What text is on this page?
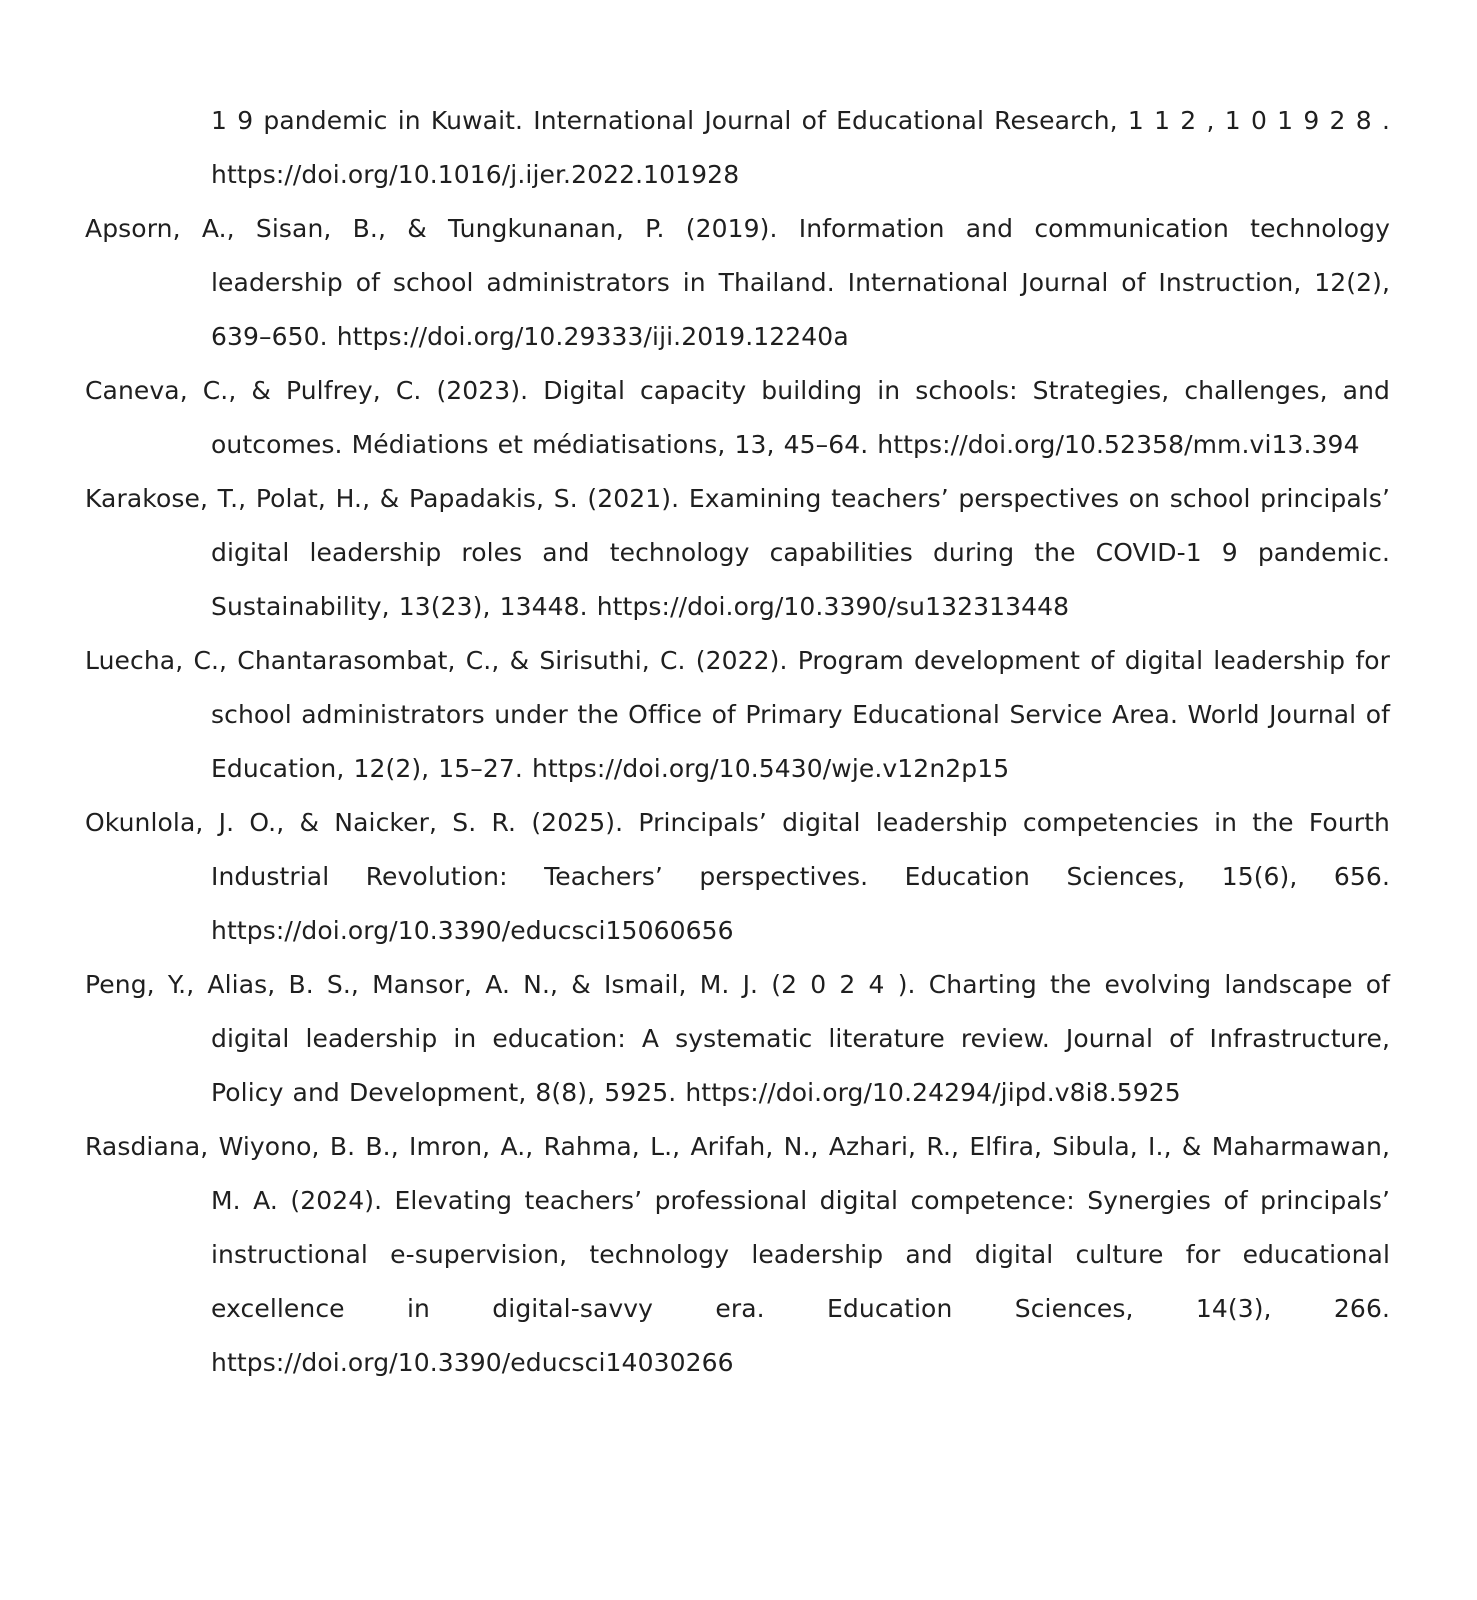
1 9 pandemic in Kuwait. International Journal of Educational Research, 1 1 2 , 1 0 1 9 2 8 . https://doi.org/10.1016/j.ijer.2022.101928

Apsorn, A., Sisan, B., & Tungkunanan, P. (2019). Information and communication technology leadership of school administrators in Thailand. International Journal of Instruction, 12(2), 639–650. https://doi.org/10.29333/iji.2019.12240a

Caneva, C., & Pulfrey, C. (2023). Digital capacity building in schools: Strategies, challenges, and outcomes. Médiations et médiatisations, 13, 45–64. https://doi.org/10.52358/mm.vi13.394

Karakose, T., Polat, H., & Papadakis, S. (2021). Examining teachers’ perspectives on school principals’ digital leadership roles and technology capabilities during the COVID-1 9 pandemic. Sustainability, 13(23), 13448. https://doi.org/10.3390/su132313448

Luecha, C., Chantarasombat, C., & Sirisuthi, C. (2022). Program development of digital leadership for school administrators under the Office of Primary Educational Service Area. World Journal of Education, 12(2), 15–27. https://doi.org/10.5430/wje.v12n2p15

Okunlola, J. O., & Naicker, S. R. (2025). Principals’ digital leadership competencies in the Fourth Industrial Revolution: Teachers’ perspectives. Education Sciences, 15(6), 656. https://doi.org/10.3390/educsci15060656

Peng, Y., Alias, B. S., Mansor, A. N., & Ismail, M. J. (2 0 2 4 ). Charting the evolving landscape of digital leadership in education: A systematic literature review. Journal of Infrastructure, Policy and Development, 8(8), 5925. https://doi.org/10.24294/jipd.v8i8.5925

Rasdiana, Wiyono, B. B., Imron, A., Rahma, L., Arifah, N., Azhari, R., Elfira, Sibula, I., & Maharmawan, M. A. (2024). Elevating teachers’ professional digital competence: Synergies of principals’ instructional e-supervision, technology leadership and digital culture for educational excellence in digital-savvy era. Education Sciences, 14(3), 266. https://doi.org/10.3390/educsci14030266
